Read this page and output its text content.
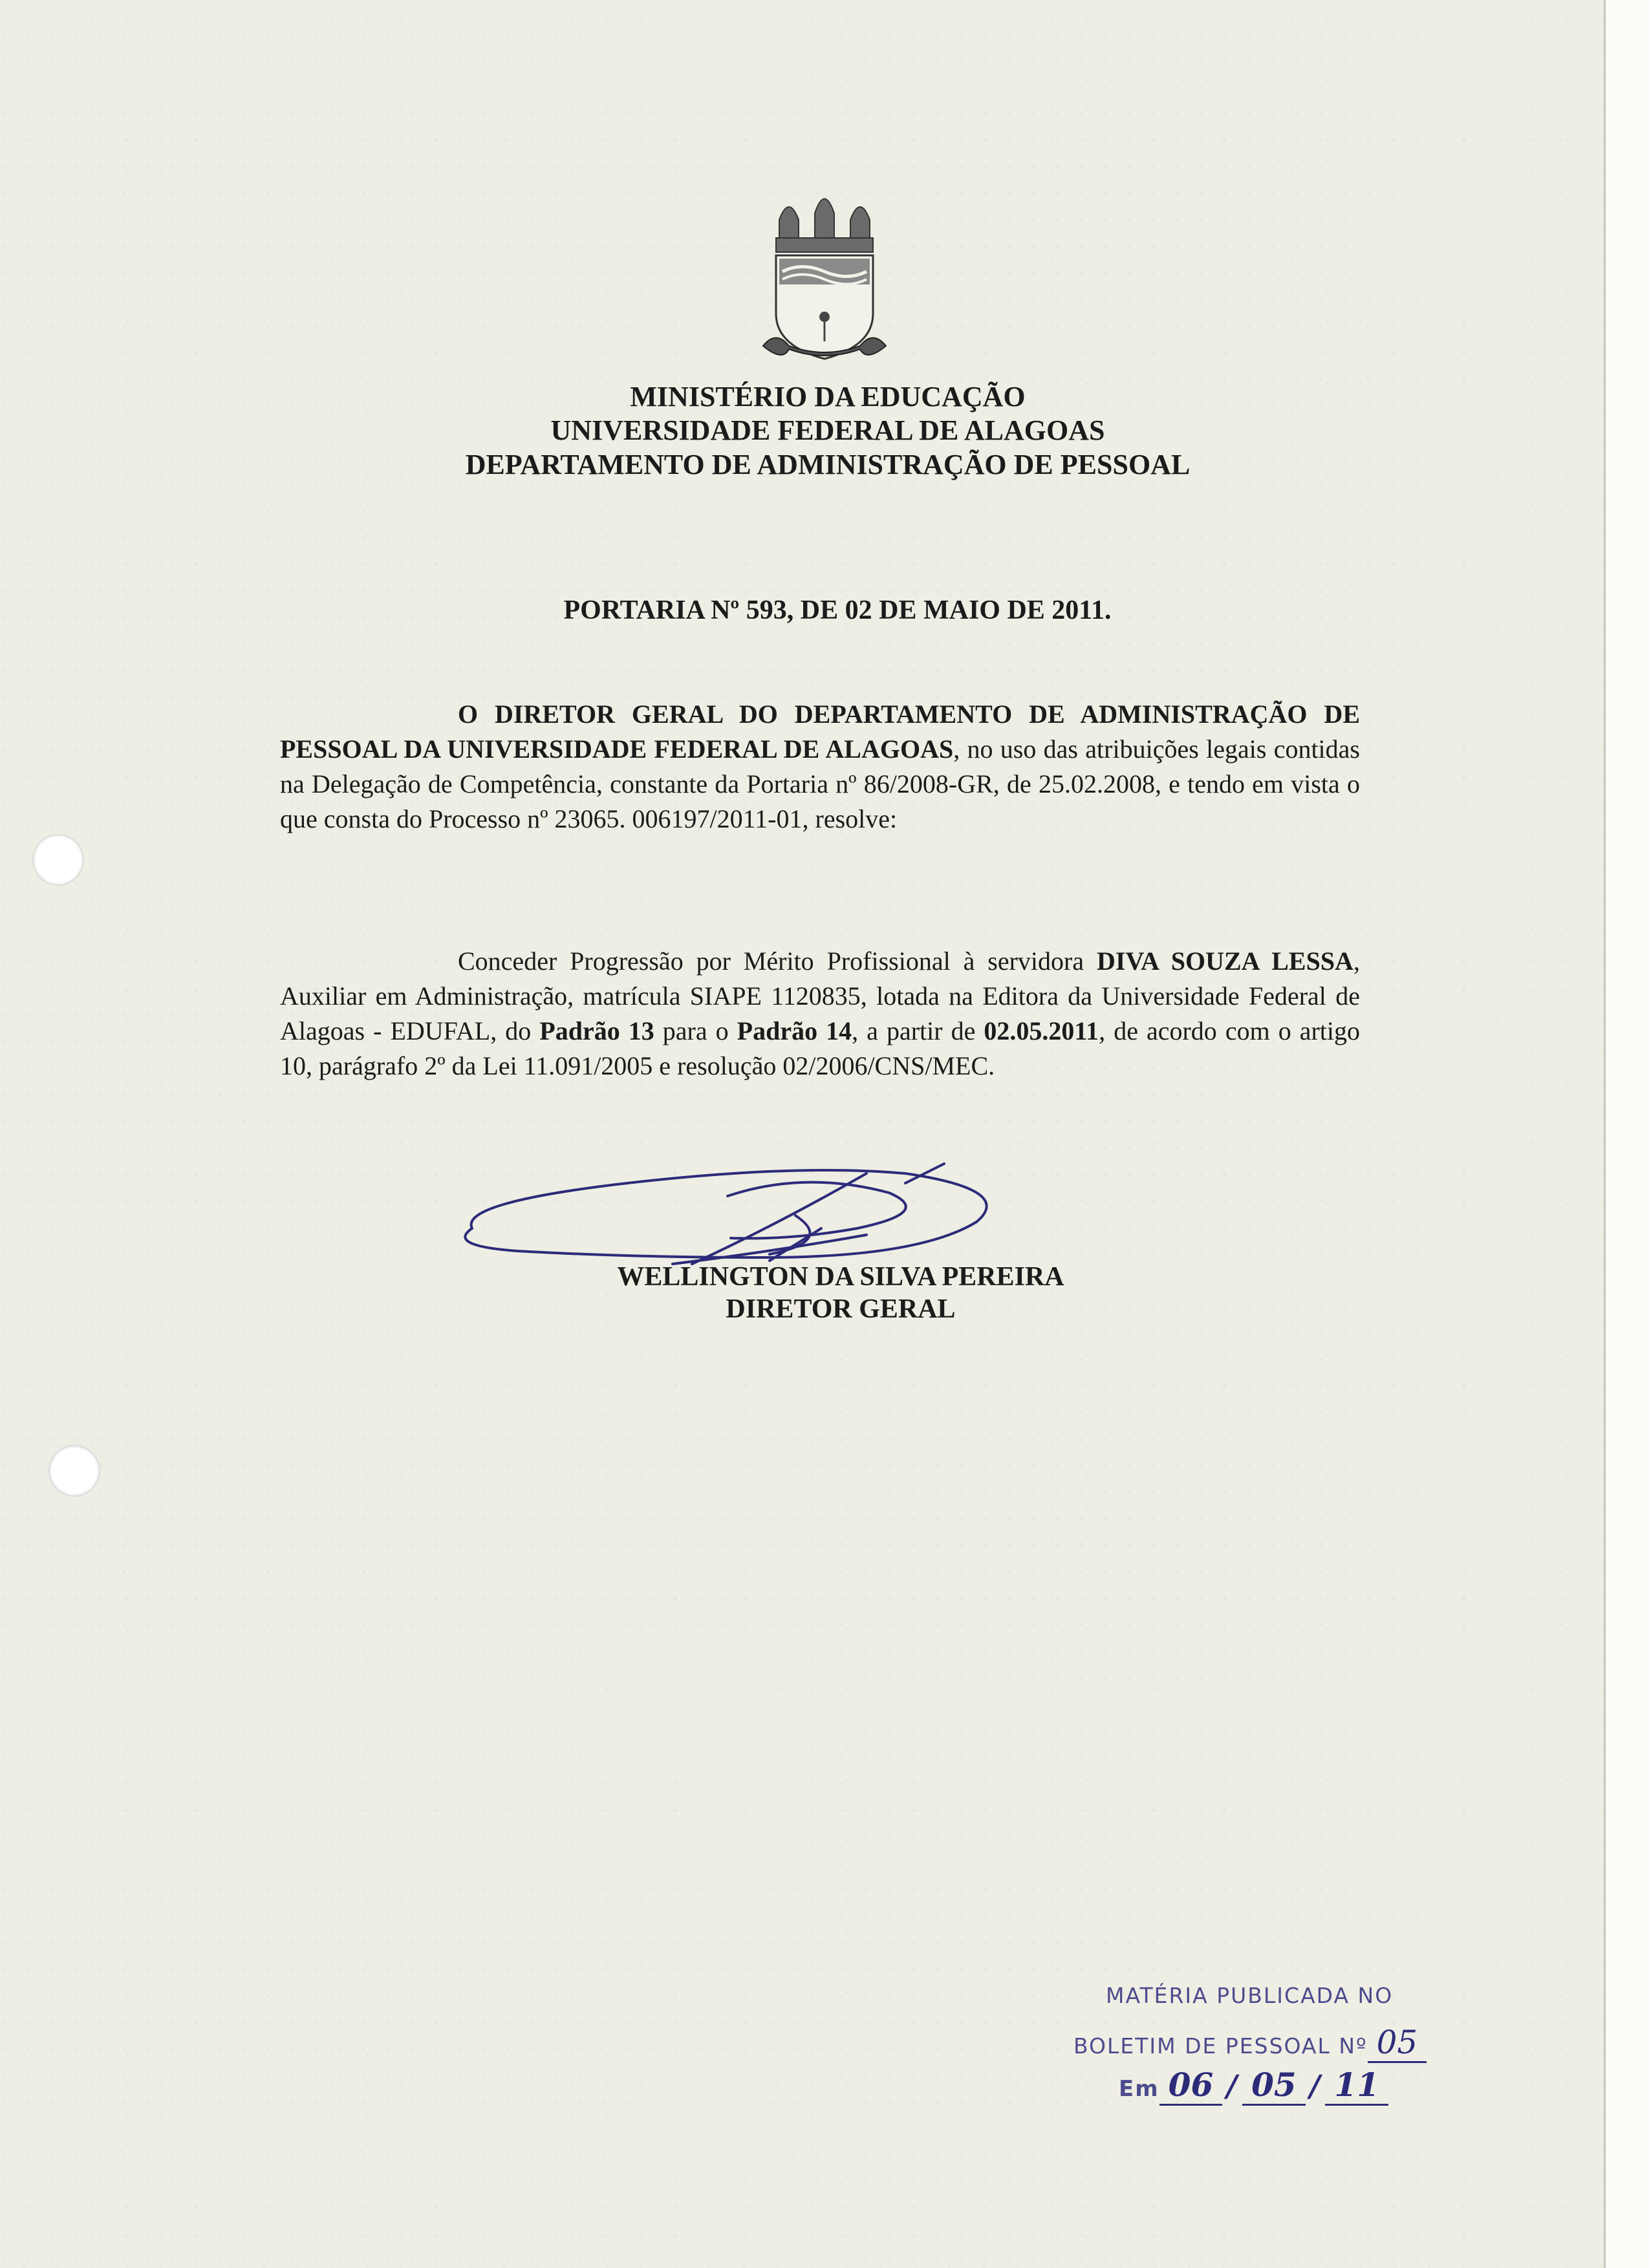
MINISTÉRIO DA EDUCAÇÃO
UNIVERSIDADE FEDERAL DE ALAGOAS
DEPARTAMENTO DE ADMINISTRAÇÃO DE PESSOAL
PORTARIA Nº 593, DE 02 DE MAIO DE 2011.
O DIRETOR GERAL DO DEPARTAMENTO DE ADMINISTRAÇÃO DE PESSOAL DA UNIVERSIDADE FEDERAL DE ALAGOAS, no uso das atribuições legais contidas na Delegação de Competência, constante da Portaria nº 86/2008-GR, de 25.02.2008, e tendo em vista o que consta do Processo nº 23065. 006197/2011-01, resolve:
Conceder Progressão por Mérito Profissional à servidora DIVA SOUZA LESSA, Auxiliar em Administração, matrícula SIAPE 1120835, lotada na Editora da Universidade Federal de Alagoas - EDUFAL, do Padrão 13 para o Padrão 14, a partir de 02.05.2011, de acordo com o artigo 10, parágrafo 2º da Lei 11.091/2005 e resolução 02/2006/CNS/MEC.
WELLINGTON DA SILVA PEREIRA
DIRETOR GERAL
MATÉRIA PUBLICADA NO
BOLETIM DE PESSOAL Nº 05
Em 06 / 05 / 11
